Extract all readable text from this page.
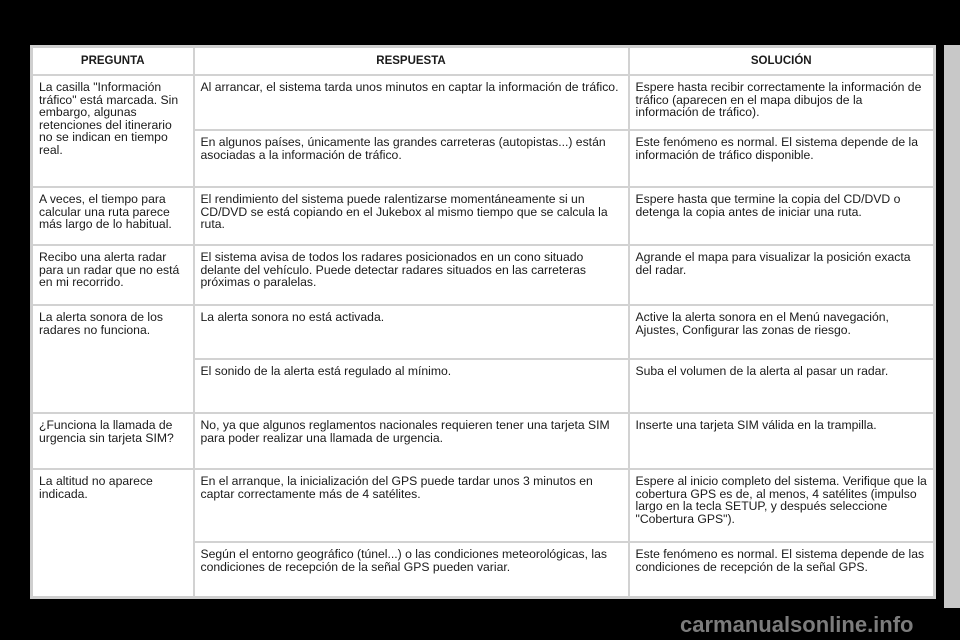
PREGUNTA	RESPUESTA	SOLUCIÓN
La casilla "Información tráfico" está marcada. Sin embargo, algunas retenciones del itinerario no se indican en tiempo real.	Al arrancar, el sistema tarda unos minutos en captar la información de tráfico.	Espere hasta recibir correctamente la información de tráfico (aparecen en el mapa dibujos de la información de tráfico).
	En algunos países, únicamente las grandes carreteras (autopistas...) están asociadas a la información de tráfico.	Este fenómeno es normal. El sistema depende de la información de tráfico disponible.
A veces, el tiempo para calcular una ruta parece más largo de lo habitual.	El rendimiento del sistema puede ralentizarse momentáneamente si un CD/DVD se está copiando en el Jukebox al mismo tiempo que se calcula la ruta.	Espere hasta que termine la copia del CD/DVD o detenga la copia antes de iniciar una ruta.
Recibo una alerta radar para un radar que no está en mi recorrido.	El sistema avisa de todos los radares posicionados en un cono situado delante del vehículo. Puede detectar radares situados en las carreteras próximas o paralelas.	Agrande el mapa para visualizar la posición exacta del radar.
La alerta sonora de los radares no funciona.	La alerta sonora no está activada.	Active la alerta sonora en el Menú navegación, Ajustes, Configurar las zonas de riesgo.
	El sonido de la alerta está regulado al mínimo.	Suba el volumen de la alerta al pasar un radar.
¿Funciona la llamada de urgencia sin tarjeta SIM?	No, ya que algunos reglamentos nacionales requieren tener una tarjeta SIM para poder realizar una llamada de urgencia.	Inserte una tarjeta SIM válida en la trampilla.
La altitud no aparece indicada.	En el arranque, la inicialización del GPS puede tardar unos 3 minutos en captar correctamente más de 4 satélites.	Espere al inicio completo del sistema. Verifique que la cobertura GPS es de, al menos, 4 satélites (impulso largo en la tecla SETUP, y después seleccione "Cobertura GPS").
	Según el entorno geográfico (túnel...) o las condiciones meteorológicas, las condiciones de recepción de la señal GPS pueden variar.	Este fenómeno es normal. El sistema depende de las condiciones de recepción de la señal GPS.
carmanualsonline.info
